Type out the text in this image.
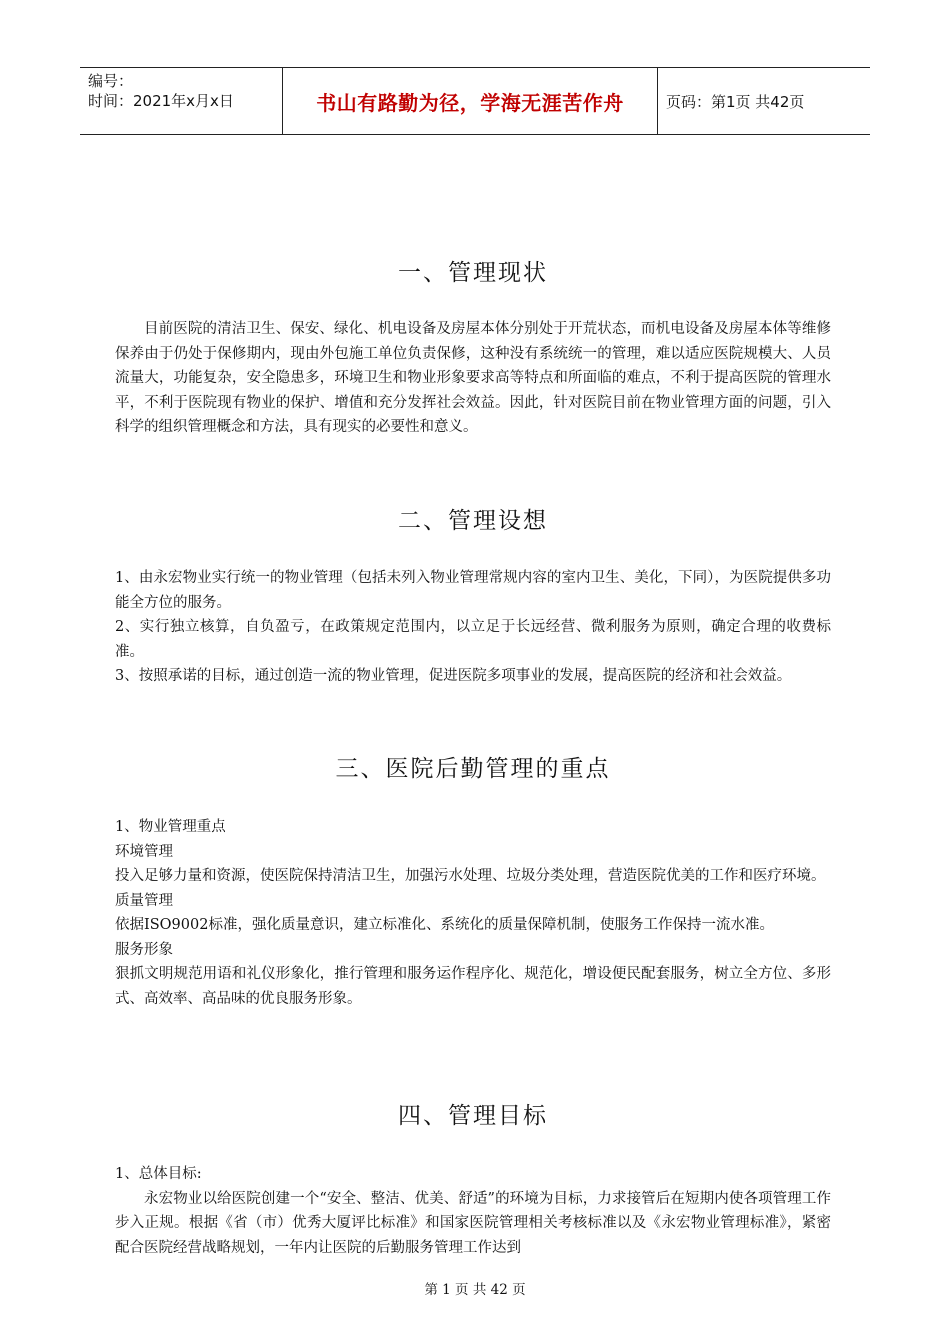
编号：
时间：2021年x月x日	书山有路勤为径，学海无涯苦作舟	页码：第1页 共42页
一、管理现状

目前医院的清洁卫生、保安、绿化、机电设备及房屋本体分别处于开荒状态，而机电设备及房屋本体等维修保养由于仍处于保修期内，现由外包施工单位负责保修，这种没有系统统一的管理，难以适应医院规模大、人员流量大，功能复杂，安全隐患多，环境卫生和物业形象要求高等特点和所面临的难点，不利于提高医院的管理水平，不利于医院现有物业的保护、增值和充分发挥社会效益。因此，针对医院目前在物业管理方面的问题，引入科学的组织管理概念和方法，具有现实的必要性和意义。

二、管理设想

1、由永宏物业实行统一的物业管理（包括未列入物业管理常规内容的室内卫生、美化，下同），为医院提供多功能全方位的服务。

2、实行独立核算，自负盈亏，在政策规定范围内，以立足于长远经营、微利服务为原则，确定合理的收费标准。

3、按照承诺的目标，通过创造一流的物业管理，促进医院多项事业的发展，提高医院的经济和社会效益。

三、医院后勤管理的重点

1、物业管理重点

环境管理

投入足够力量和资源，使医院保持清洁卫生，加强污水处理、垃圾分类处理，营造医院优美的工作和医疗环境。

质量管理

依据ISO9002标准，强化质量意识，建立标准化、系统化的质量保障机制，使服务工作保持一流水准。

服务形象

狠抓文明规范用语和礼仪形象化，推行管理和服务运作程序化、规范化，增设便民配套服务，树立全方位、多形式、高效率、高品味的优良服务形象。

四、管理目标

1、总体目标:

永宏物业以给医院创建一个“安全、整洁、优美、舒适”的环境为目标，力求接管后在短期内使各项管理工作步入正规。根据《省（市）优秀大厦评比标准》和国家医院管理相关考核标准以及《永宏物业管理标准》，紧密配合医院经营战略规划，一年内让医院的后勤服务管理工作达到

第 1 页 共 42 页
